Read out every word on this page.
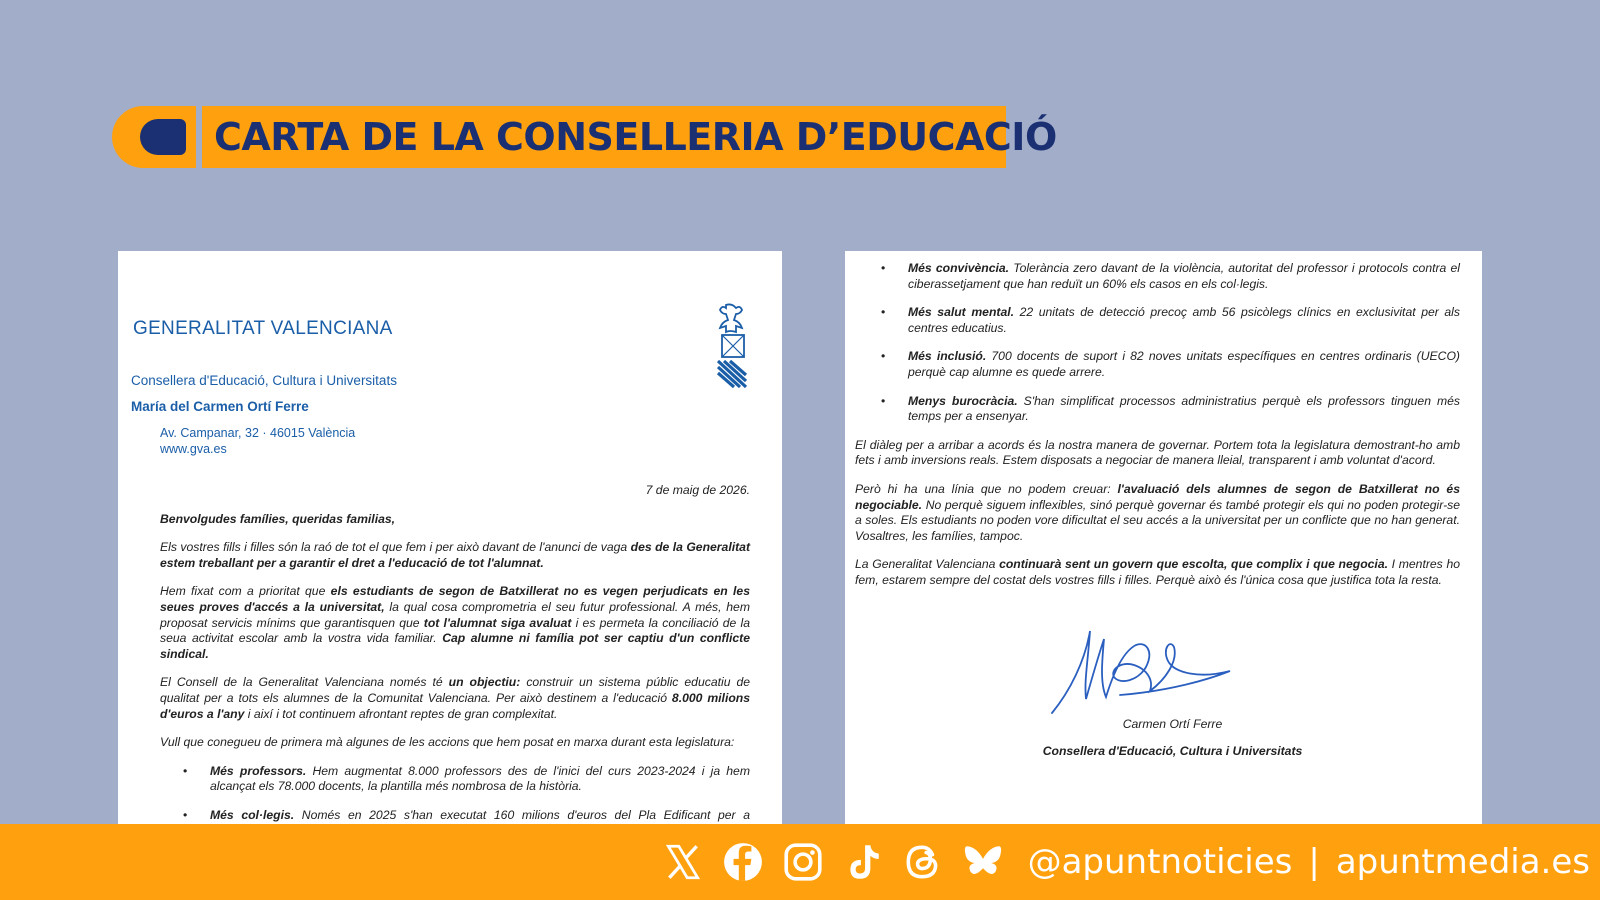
CARTA DE LA CONSELLERIA D’EDUCACIÓ
GENERALITAT VALENCIANA
Consellera d'Educació, Cultura i Universitats
María del Carmen Ortí Ferre
Av. Campanar, 32 · 46015 València
www.gva.es
7 de maig de 2026.
Benvolgudes famílies, queridas familias,

Els vostres fills i filles són la raó de tot el que fem i per això davant de l'anunci de vaga des de la Generalitat estem treballant per a garantir el dret a l'educació de tot l'alumnat.

Hem fixat com a prioritat que els estudiants de segon de Batxillerat no es vegen perjudicats en les seues proves d'accés a la universitat, la qual cosa comprometria el seu futur professional. A més, hem proposat servicis mínims que garantisquen que tot l'alumnat siga avaluat i es permeta la conciliació de la seua activitat escolar amb la vostra vida familiar. Cap alumne ni família pot ser captiu d'un conflicte sindical.

El Consell de la Generalitat Valenciana només té un objectiu: construir un sistema públic educatiu de qualitat per a tots els alumnes de la Comunitat Valenciana. Per això destinem a l'educació 8.000 milions d'euros a l'any i així i tot continuem afrontant reptes de gran complexitat.

Vull que conegueu de primera mà algunes de les accions que hem posat en marxa durant esta legislatura:

• Més professors. Hem augmentat 8.000 professors des de l'inici del curs 2023-2024 i ja hem alcançat els 78.000 docents, la plantilla més nombrosa de la història.
• Més col·legis. Només en 2025 s'han executat 160 milions d'euros del Pla Edificant per a
• Més convivència. Tolerància zero davant de la violència, autoritat del professor i protocols contra el ciberassetjament que han reduït un 60% els casos en els col·legis.
• Més salut mental. 22 unitats de detecció precoç amb 56 psicòlegs clínics en exclusivitat per als centres educatius.
• Més inclusió. 700 docents de suport i 82 noves unitats específiques en centres ordinaris (UECO) perquè cap alumne es quede arrere.
• Menys burocràcia. S'han simplificat processos administratius perquè els professors tinguen més temps per a ensenyar.

El diàleg per a arribar a acords és la nostra manera de governar. Portem tota la legislatura demostrant-ho amb fets i amb inversions reals. Estem disposats a negociar de manera lleial, transparent i amb voluntat d'acord.

Però hi ha una línia que no podem creuar: l'avaluació dels alumnes de segon de Batxillerat no és negociable. No perquè siguem inflexibles, sinó perquè governar és també protegir els qui no poden protegir-se a soles. Els estudiants no poden vore dificultat el seu accés a la universitat per un conflicte que no han generat. Vosaltres, les famílies, tampoc.

La Generalitat Valenciana continuarà sent un govern que escolta, que complix i que negocia. I mentres ho fem, estarem sempre del costat dels vostres fills i filles. Perquè això és l'única cosa que justifica tota la resta.

Carmen Ortí Ferre
Consellera d'Educació, Cultura i Universitats
@apuntnoticies | apuntmedia.es
